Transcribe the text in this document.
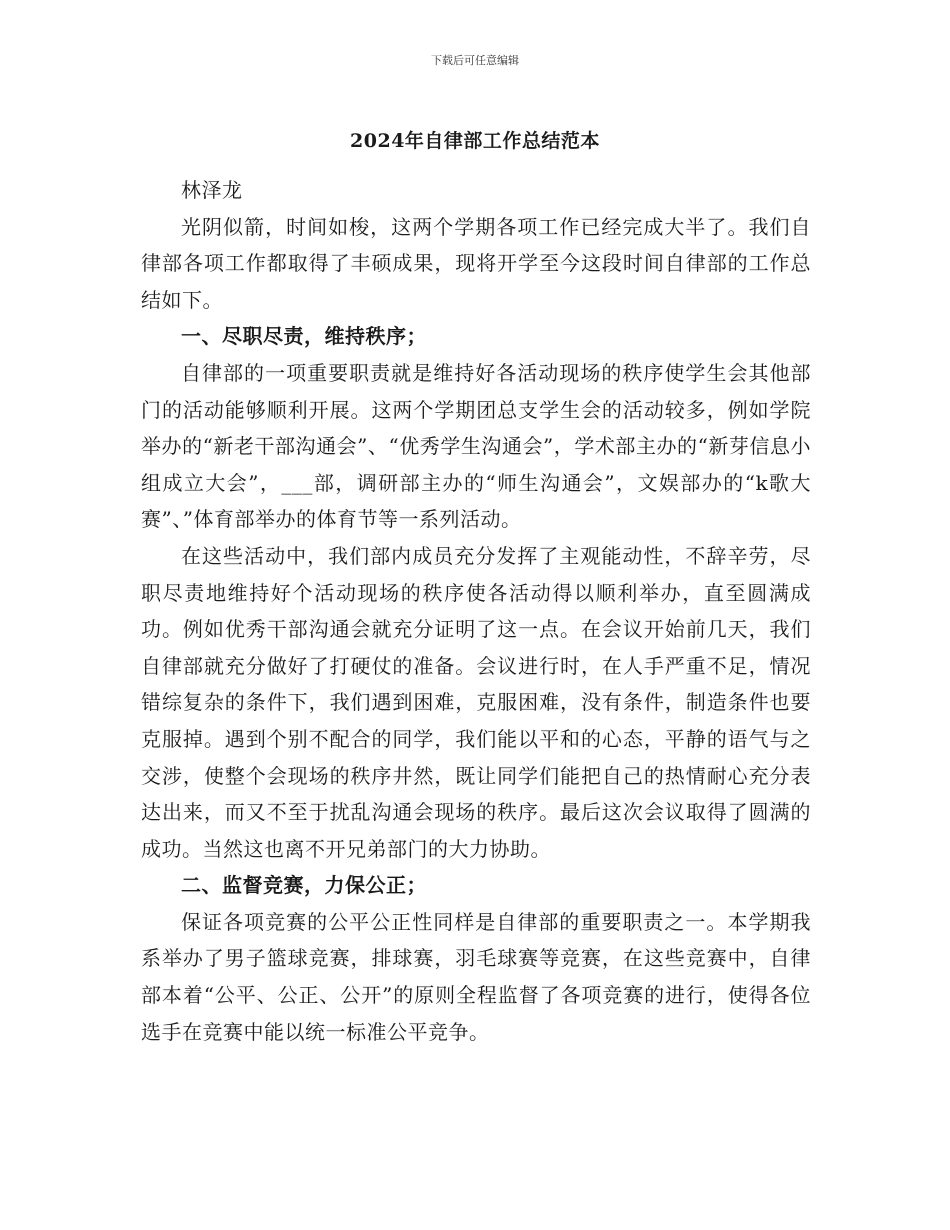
下载后可任意编辑
2024年自律部工作总结范本

林泽龙

光阴似箭，时间如梭，这两个学期各项工作已经完成大半了。我们自律部各项工作都取得了丰硕成果，现将开学至今这段时间自律部的工作总结如下。

一、尽职尽责，维持秩序；

自律部的一项重要职责就是维持好各活动现场的秩序使学生会其他部门的活动能够顺利开展。这两个学期团总支学生会的活动较多，例如学院举办的“新老干部沟通会”、“优秀学生沟通会”，学术部主办的“新芽信息小组成立大会”，___部，调研部主办的“师生沟通会”，文娱部办的“k歌大赛”、”体育部举办的体育节等一系列活动。

在这些活动中，我们部内成员充分发挥了主观能动性，不辞辛劳，尽职尽责地维持好个活动现场的秩序使各活动得以顺利举办，直至圆满成功。例如优秀干部沟通会就充分证明了这一点。在会议开始前几天，我们自律部就充分做好了打硬仗的准备。会议进行时，在人手严重不足，情况错综复杂的条件下，我们遇到困难，克服困难，没有条件，制造条件也要克服掉。遇到个别不配合的同学，我们能以平和的心态，平静的语气与之交涉，使整个会现场的秩序井然，既让同学们能把自己的热情耐心充分表达出来，而又不至于扰乱沟通会现场的秩序。最后这次会议取得了圆满的成功。当然这也离不开兄弟部门的大力协助。

二、监督竞赛，力保公正；

保证各项竞赛的公平公正性同样是自律部的重要职责之一。本学期我系举办了男子篮球竞赛，排球赛，羽毛球赛等竞赛，在这些竞赛中，自律部本着“公平、公正、公开”的原则全程监督了各项竞赛的进行，使得各位选手在竞赛中能以统一标准公平竞争。
